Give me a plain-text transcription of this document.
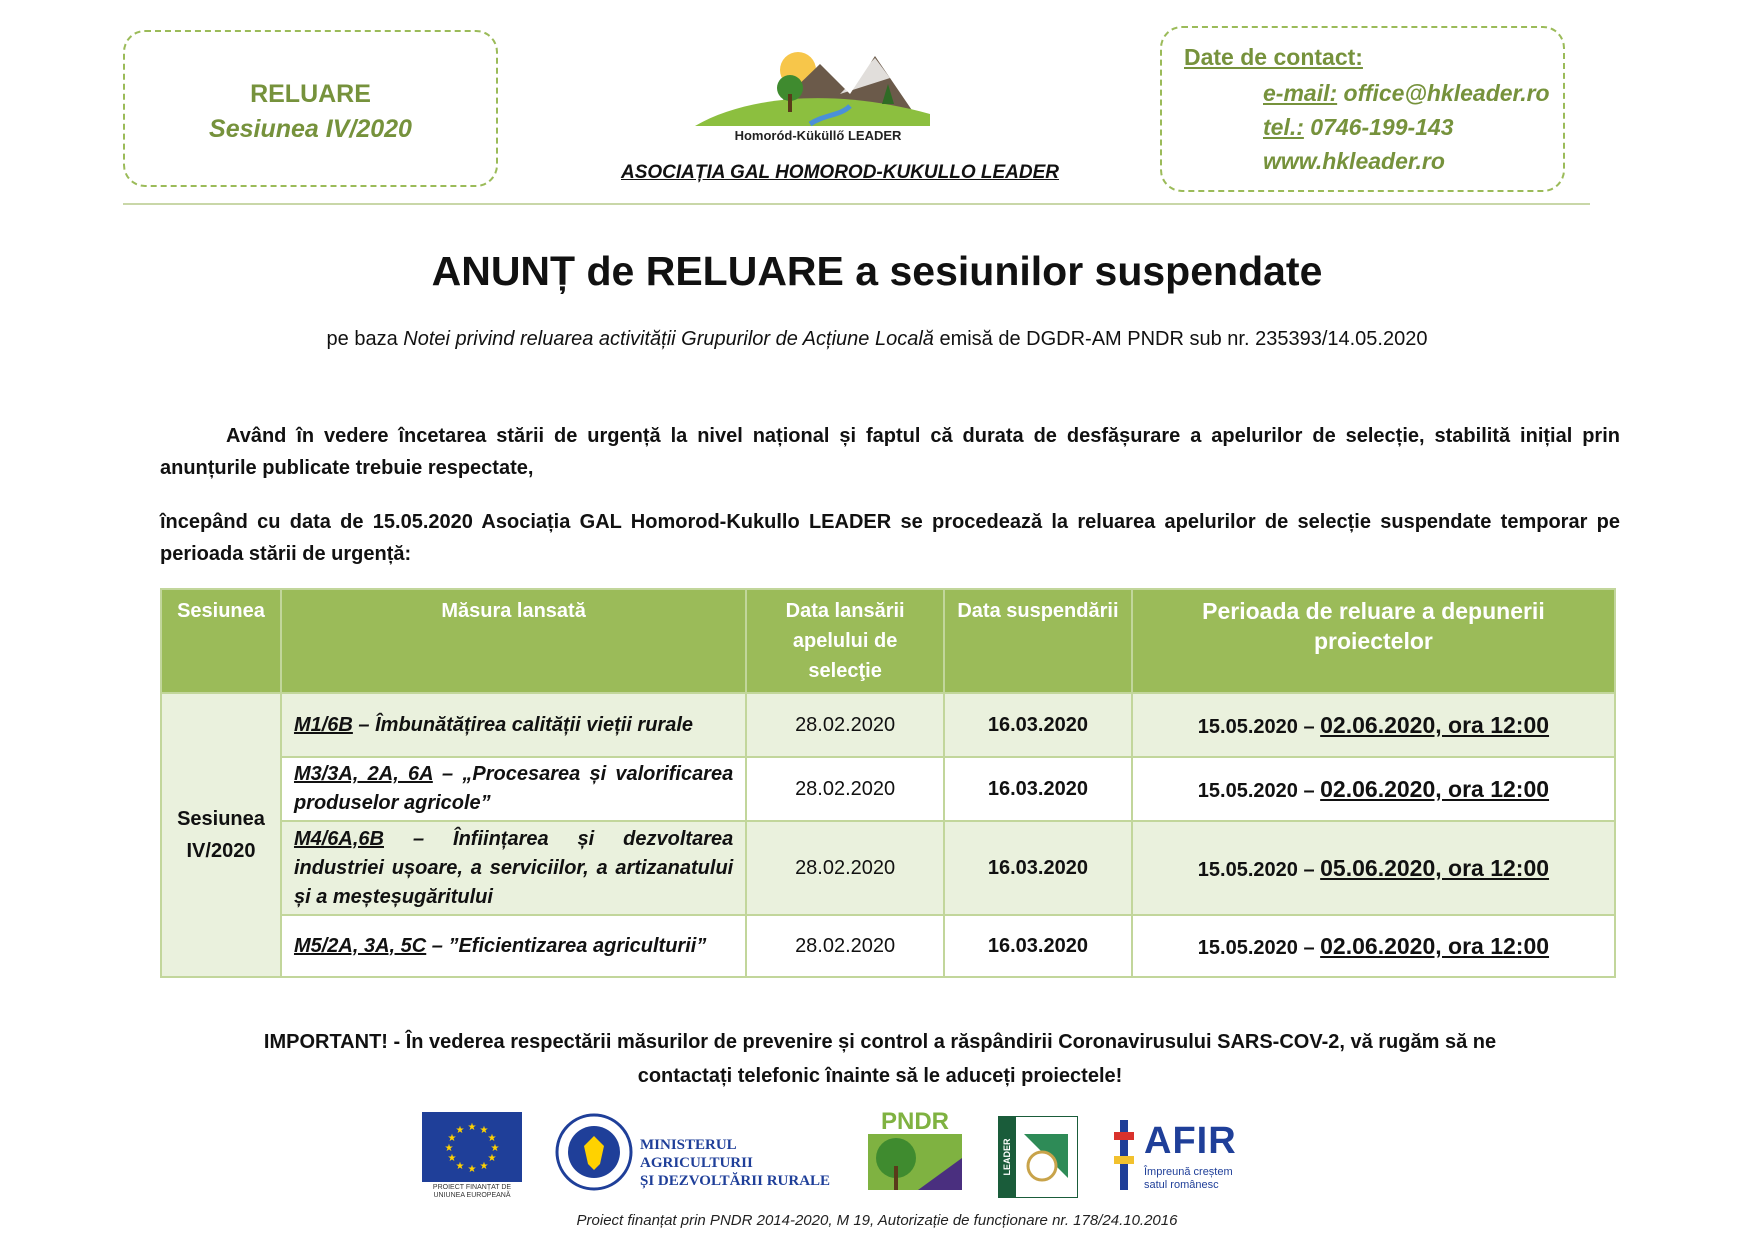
RELUARE
Sesiunea IV/2020	Homoród-Küküllő LEADER
ASOCIAȚIA GAL HOMOROD-KUKULLO LEADER
Date de contact:
e-mail: office@hkleader.ro
tel.: 0746-199-143
www.hkleader.ro
ANUNȚ de RELUARE a sesiunilor suspendate
pe baza Notei privind reluarea activității Grupurilor de Acțiune Locală emisă de DGDR-AM PNDR sub nr. 235393/14.05.2020
Având în vedere încetarea stării de urgență la nivel național și faptul că durata de desfășurare a apelurilor de selecție, stabilită inițial prin anunțurile publicate trebuie respectate,
începând cu data de 15.05.2020 Asociația GAL Homorod-Kukullo LEADER se procedează la reluarea apelurilor de selecție suspendate temporar pe perioada stării de urgență:
Sesiunea	Măsura lansată	Data lansării apelului de selecţie	Data suspendării	Perioada de reluare a depunerii proiectelor
Sesiunea IV/2020	M1/6B – Îmbunătățirea calității vieții rurale	28.02.2020	16.03.2020	15.05.2020 – 02.06.2020, ora 12:00
	M3/3A, 2A, 6A – „Procesarea și valorificarea produselor agricole”	28.02.2020	16.03.2020	15.05.2020 – 02.06.2020, ora 12:00
	M4/6A,6B – Înființarea și dezvoltarea industriei ușoare, a serviciilor, a artizanatului și a meșteșugăritului	28.02.2020	16.03.2020	15.05.2020 – 05.06.2020, ora 12:00
	M5/2A, 3A, 5C – ”Eficientizarea agriculturii”	28.02.2020	16.03.2020	15.05.2020 – 02.06.2020, ora 12:00
IMPORTANT! - În vederea respectării măsurilor de prevenire și control a răspândirii Coronavirusului SARS-COV-2, vă rugăm să ne
contactați telefonic înainte să le aduceți proiectele!
★ ★
★
★
★
★
★
★
★
★
★
★
PROIECT FINANȚAT DE UNIUNEA EUROPEANĂ
MINISTERUL AGRICULTURII
ȘI DEZVOLTĂRII RURALE
PNDR
LEADER	AFIR
Împreună creștem
satul românesc
Proiect finanțat prin PNDR 2014-2020, M 19, Autorizație de funcționare nr. 178/24.10.2016
